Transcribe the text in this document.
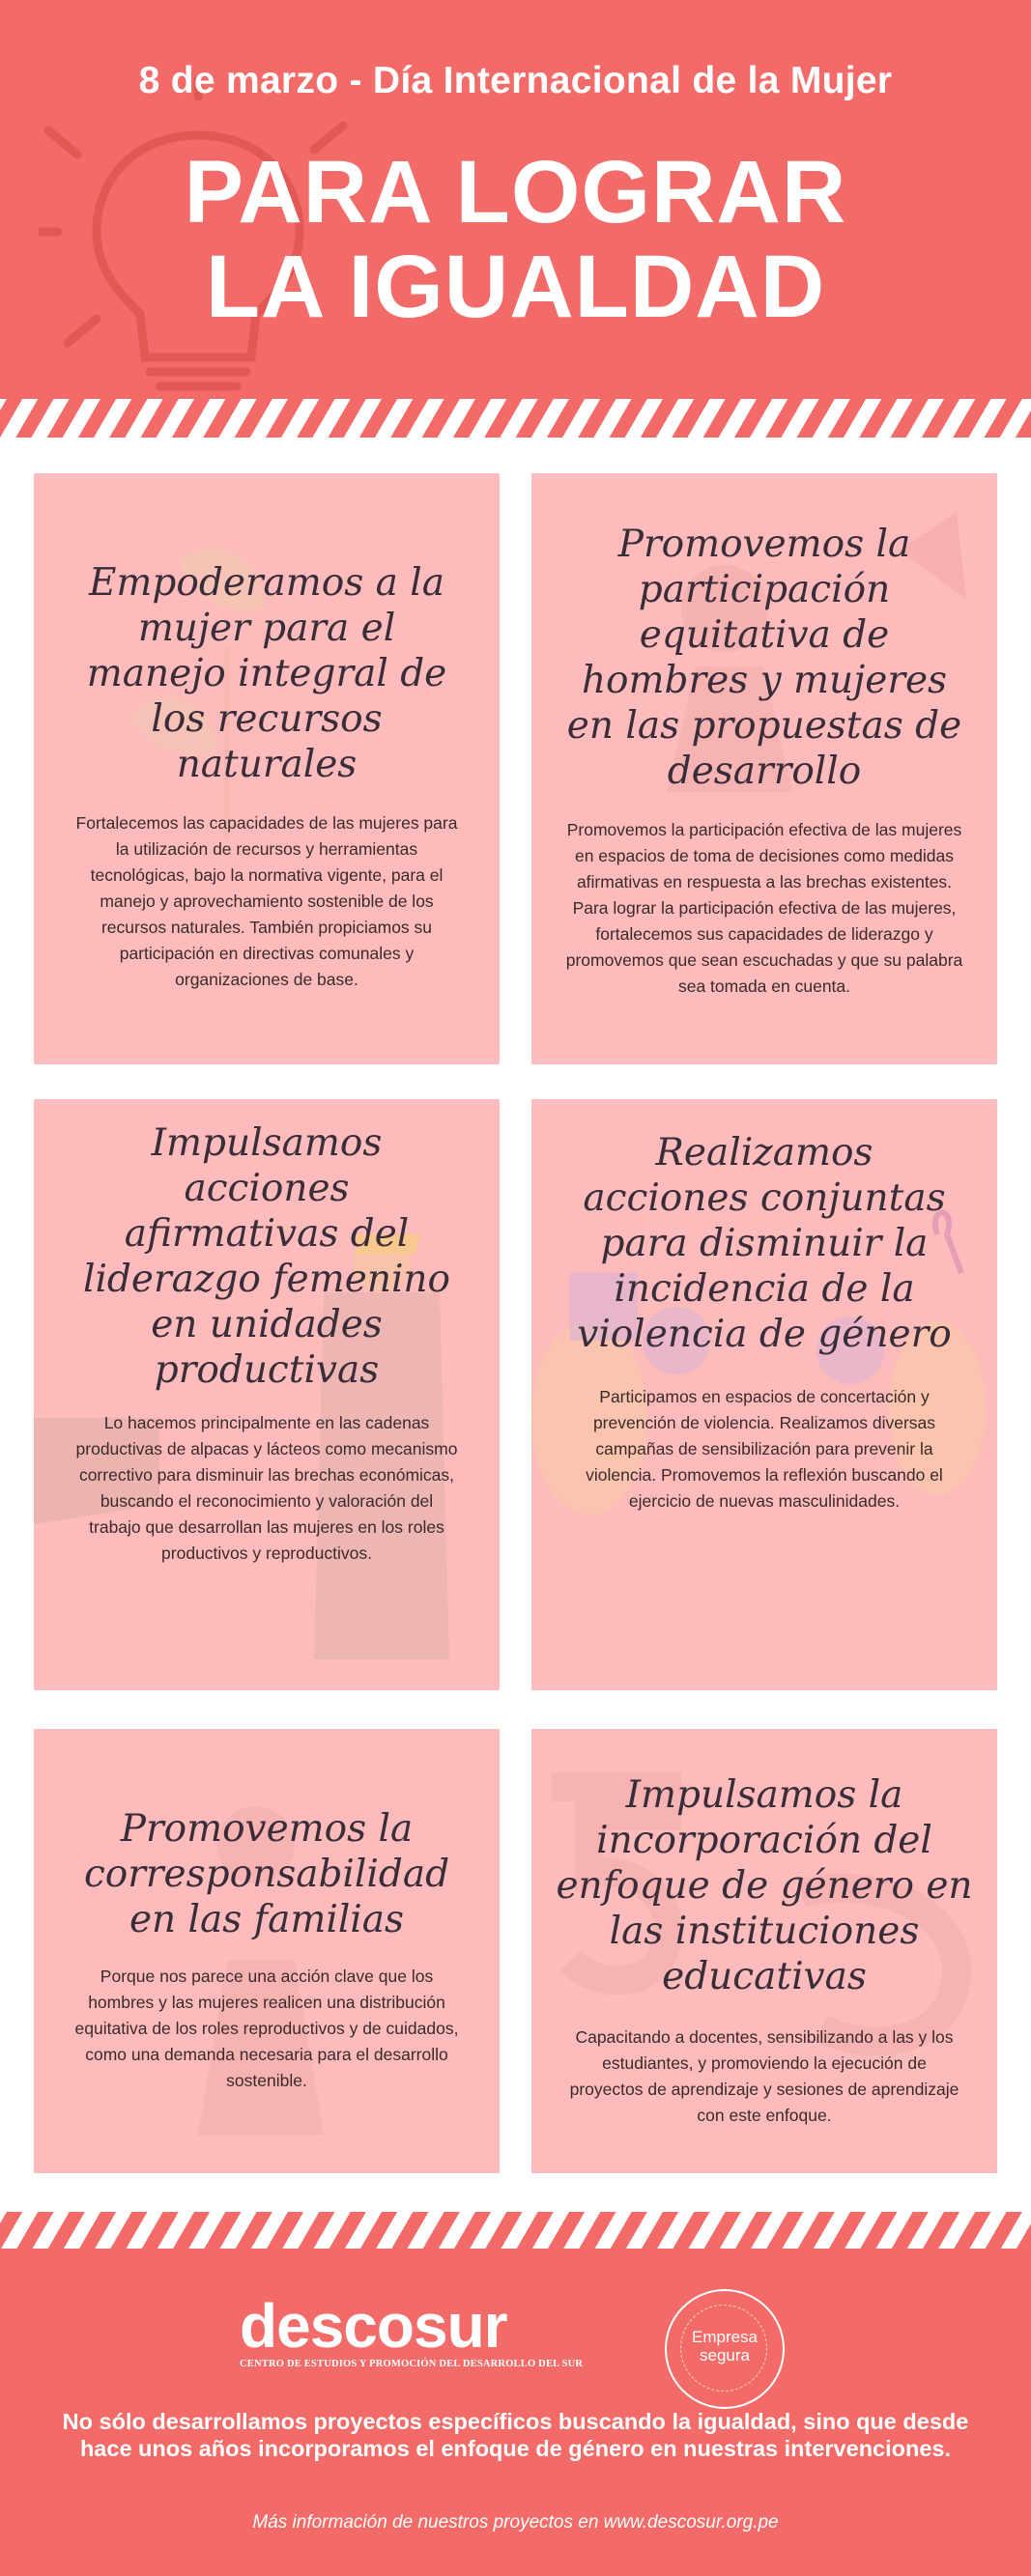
8 de marzo - Día Internacional de la Mujer
PARA LOGRAR
LA IGUALDAD
Empoderamos a la mujer para el manejo integral de los recursos naturales

Fortalecemos las capacidades de las mujeres para la utilización de recursos y herramientas tecnológicas, bajo la normativa vigente, para el manejo y aprovechamiento sostenible de los recursos naturales. También propiciamos su participación en directivas comunales y organizaciones de base.

Promovemos la participación equitativa de hombres y mujeres en las propuestas de desarrollo

Promovemos la participación efectiva de las mujeres en espacios de toma de decisiones como medidas afirmativas en respuesta a las brechas existentes. Para lograr la participación efectiva de las mujeres, fortalecemos sus capacidades de liderazgo y promovemos que sean escuchadas y que su palabra sea tomada en cuenta.

Impulsamos acciones afirmativas del liderazgo femenino en unidades productivas

Lo hacemos principalmente en las cadenas productivas de alpacas y lácteos como mecanismo correctivo para disminuir las brechas económicas, buscando el reconocimiento y valoración del trabajo que desarrollan las mujeres en los roles productivos y reproductivos.

Realizamos acciones conjuntas para disminuir la incidencia de la violencia de género

Participamos en espacios de concertación y prevención de violencia. Realizamos diversas campañas de sensibilización para prevenir la violencia. Promovemos la reflexión buscando el ejercicio de nuevas masculinidades.

Promovemos la corresponsabilidad en las familias

Porque nos parece una acción clave que los hombres y las mujeres realicen una distribución equitativa de los roles reproductivos y de cuidados, como una demanda necesaria para el desarrollo sostenible.

Impulsamos la incorporación del enfoque de género en las instituciones educativas

Capacitando a docentes, sensibilizando a las y los estudiantes, y promoviendo la ejecución de proyectos de aprendizaje y sesiones de aprendizaje con este enfoque.

descosur
CENTRO DE ESTUDIOS Y PROMOCIÓN DEL DESARROLLO DEL SUR
Empresa
segura
No sólo desarrollamos proyectos específicos buscando la igualdad, sino que desde hace unos años incorporamos el enfoque de género en nuestras intervenciones.
Más información de nuestros proyectos en www.descosur.org.pe
